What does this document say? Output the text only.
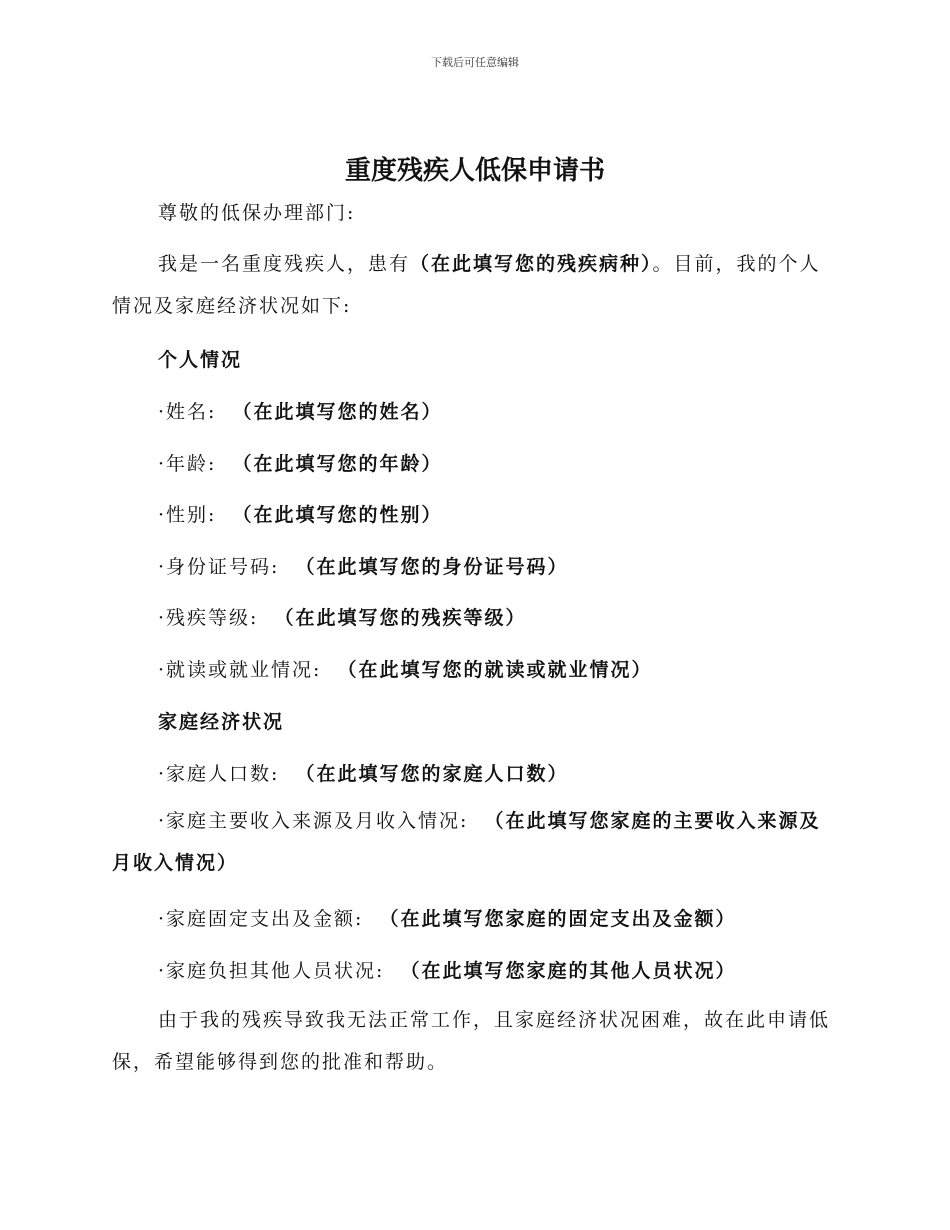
下载后可任意编辑
重度残疾人低保申请书
尊敬的低保办理部门:
我是一名重度残疾人，患有（在此填写您的残疾病种）。目前，我的个人情况及家庭经济状况如下:
个人情况
·姓名: （在此填写您的姓名）
·年龄: （在此填写您的年龄）
·性别: （在此填写您的性别）
·身份证号码: （在此填写您的身份证号码）
·残疾等级: （在此填写您的残疾等级）
·就读或就业情况: （在此填写您的就读或就业情况）
家庭经济状况
·家庭人口数: （在此填写您的家庭人口数）
·家庭主要收入来源及月收入情况: （在此填写您家庭的主要收入来源及月收入情况）
·家庭固定支出及金额: （在此填写您家庭的固定支出及金额）
·家庭负担其他人员状况: （在此填写您家庭的其他人员状况）
由于我的残疾导致我无法正常工作，且家庭经济状况困难，故在此申请低保，希望能够得到您的批准和帮助。
